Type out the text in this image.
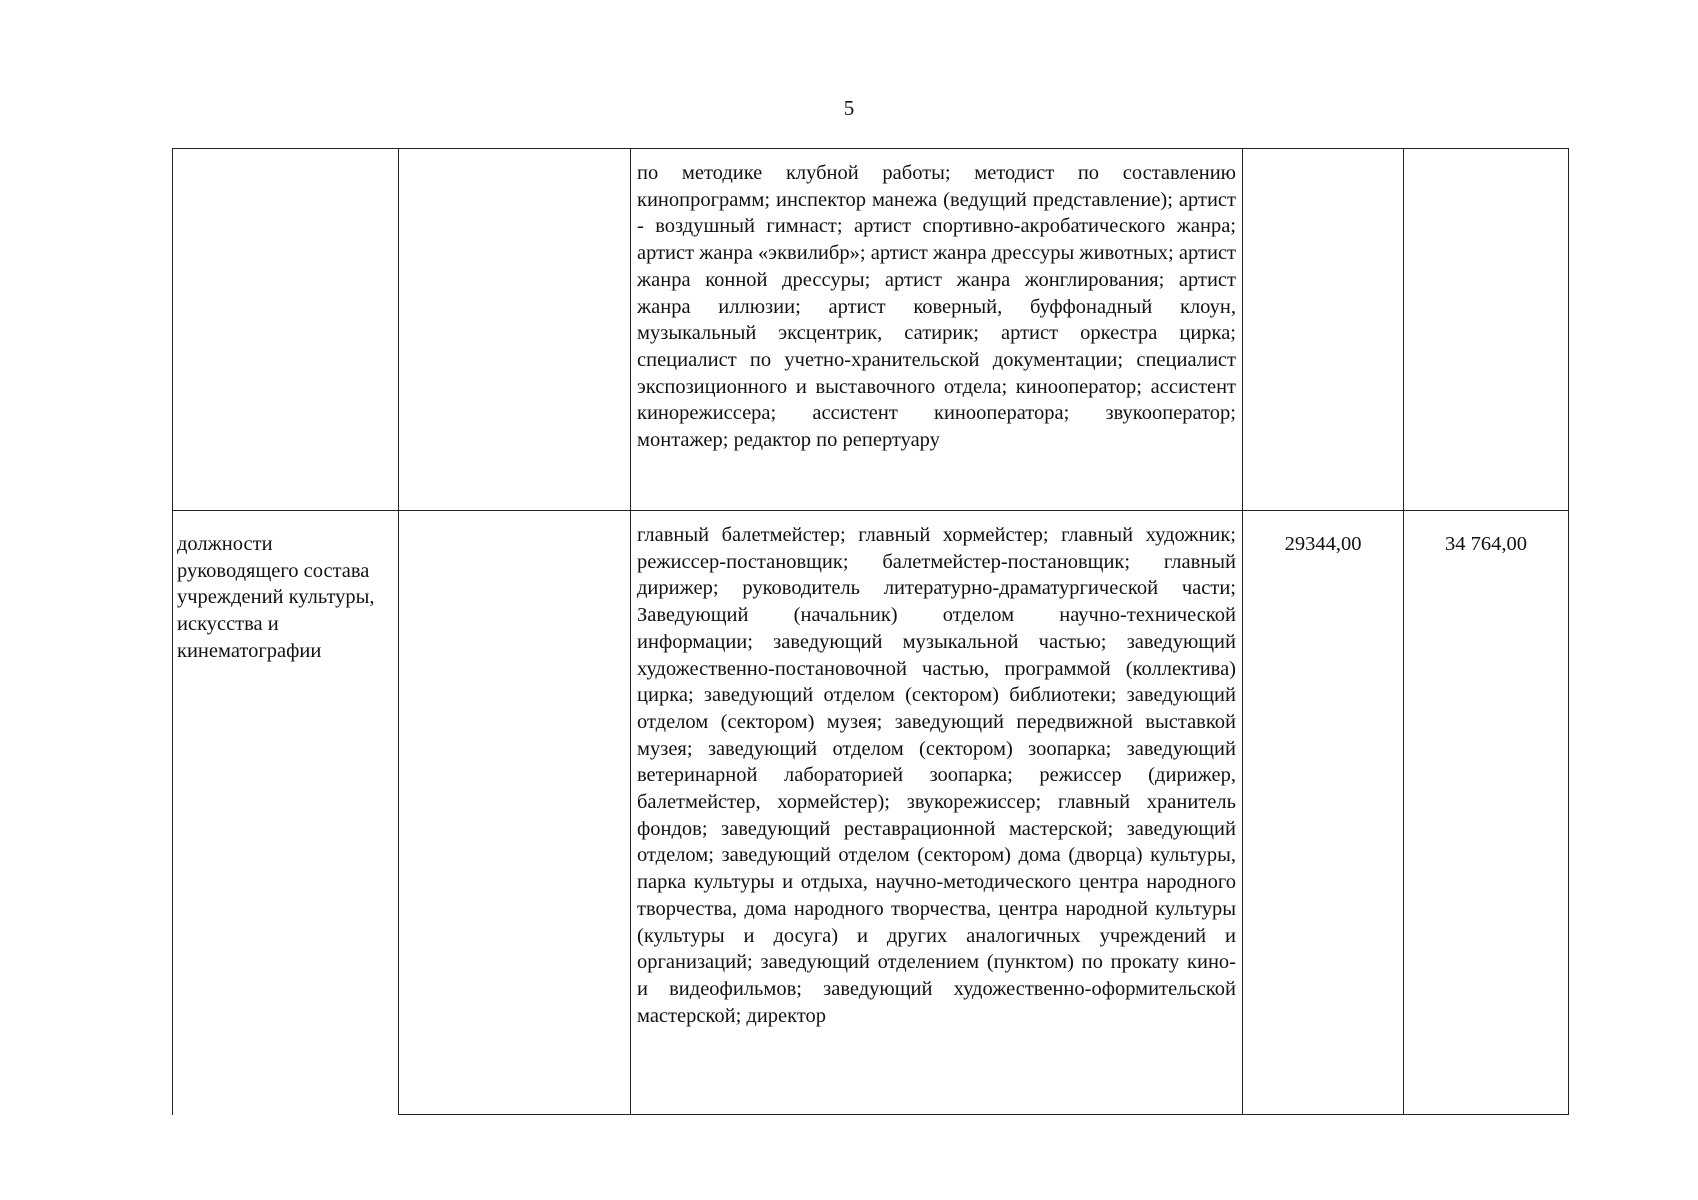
5

		по методике клубной работы; методист по составлению кинопрограмм; инспектор манежа (ведущий представление); артист - воздушный гимнаст; артист спортивно-акробатического жанра; артист жанра «эквилибр»; артист жанра дрессуры животных; артист жанра конной дрессуры; артист жанра жонглирования; артист жанра иллюзии; артист коверный, буффонадный клоун, музыкальный эксцентрик, сатирик; артист оркестра цирка; специалист по учетно-хранительской документации; специалист экспозиционного и выставочного отдела; кинооператор; ассистент кинорежиссера; ассистент кинооператора; звукооператор; монтажер; редактор по репертуару		

должности руководящего состава учреждений культуры, искусства и кинематографии		главный балетмейстер; главный хормейстер; главный художник; режиссер-постановщик; балетмейстер-постановщик; главный дирижер; руководитель литературно-драматургической части; Заведующий (начальник) отделом научно-технической информации; заведующий музыкальной частью; заведующий художественно-постановочной частью, программой (коллектива) цирка; заведующий отделом (сектором) библиотеки; заведующий отделом (сектором) музея; заведующий передвижной выставкой музея; заведующий отделом (сектором) зоопарка; заведующий ветеринарной лабораторией зоопарка; режиссер (дирижер, балетмейстер, хормейстер); звукорежиссер; главный хранитель фондов; заведующий реставрационной мастерской; заведующий отделом; заведующий отделом (сектором) дома (дворца) культуры, парка культуры и отдыха, научно-методического центра народного творчества, дома народного творчества, центра народной культуры (культуры и досуга) и других аналогичных учреждений и организаций; заведующий отделением (пунктом) по прокату кино- и видеофильмов; заведующий художественно-оформительской мастерской; директор	29344,00	34 764,00
